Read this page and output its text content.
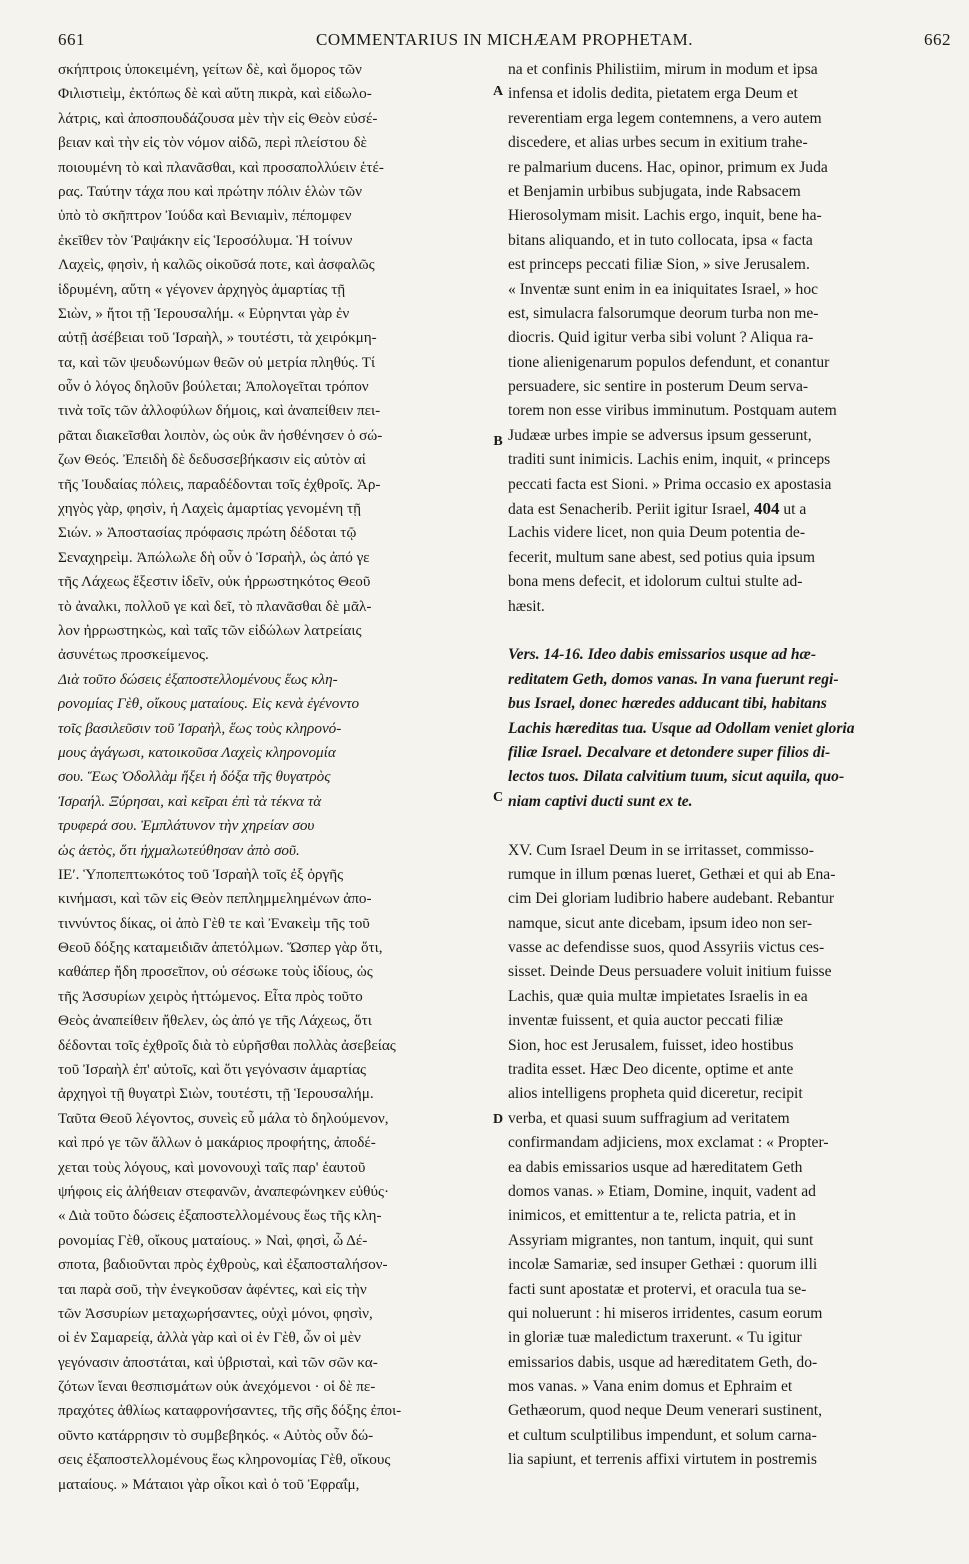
661	COMMENTARIUS IN MICHÆAM PROPHETAM.	662
A
B
C
D
σκήπτροις ὑποκειμένη, γείτων δὲ, καὶ ὅμορος τῶν
Φιλιστιεὶμ, ἐκτόπως δὲ καὶ αὕτη πικρὰ, καὶ εἰδωλο-
λάτρις, καὶ ἀποσπουδάζουσα μὲν τὴν εἰς Θεὸν εὐσέ-
βειαν καὶ τὴν εἰς τὸν νόμον αἰδῶ, περὶ πλείστου δὲ
ποιουμένη τὸ καὶ πλανᾶσθαι, καὶ προσαπολλύειν ἑτέ-
ρας. Ταύτην τάχα που καὶ πρώτην πόλιν ἑλὼν τῶν
ὑπὸ τὸ σκῆπτρον Ἰούδα καὶ Βενιαμὶν, πέπομφεν
ἐκεῖθεν τὸν Ῥαψάκην εἰς Ἱεροσόλυμα. Ἡ τοίνυν
Λαχεὶς, φησὶν, ἡ καλῶς οἰκοῦσά ποτε, καὶ ἀσφαλῶς
ἱδρυμένη, αὕτη « γέγονεν ἀρχηγὸς ἁμαρτίας τῇ
Σιὼν, » ἤτοι τῇ Ἱερουσαλήμ. « Εὑρηνται γὰρ ἐν
αὐτῇ ἀσέβειαι τοῦ Ἰσραὴλ, » τουτέστι, τὰ χειρόκμη-
τα, καὶ τῶν ψευδωνύμων θεῶν οὐ μετρία πληθύς. Τί
οὖν ὁ λόγος δηλοῦν βούλεται; Ἀπολογεῖται τρόπον
τινὰ τοῖς τῶν ἀλλοφύλων δήμοις, καὶ ἀναπείθειν πει-
ρᾶται διακεῖσθαι λοιπὸν, ὡς οὐκ ἂν ἡσθένησεν ὁ σώ-
ζων Θεός. Ἐπειδὴ δὲ δεδυσσεβήκασιν εἰς αὐτὸν αἱ
τῆς Ἰουδαίας πόλεις, παραδέδονται τοῖς ἐχθροῖς. Ἀρ-
χηγὸς γὰρ, φησὶν, ἡ Λαχεὶς ἁμαρτίας γενομένη τῇ
Σιών. » Ἀποστασίας πρόφασις πρώτη δέδοται τῷ
Σεναχηρεὶμ. Ἀπώλωλε δὴ οὖν ὁ Ἰσραὴλ, ὡς ἀπό γε
τῆς Λάχεως ἔξεστιν ἰδεῖν, οὐκ ἠρρωστηκότος Θεοῦ
τὸ ἀναλκι, πολλοῦ γε καὶ δεῖ, τὸ πλανᾶσθαι δὲ μᾶλ-
λον ἠρρωστηκὼς, καὶ ταῖς τῶν εἰδώλων λατρείαις
ἀσυνέτως προσκείμενος.
Διὰ τοῦτο δώσεις ἐξαποστελλομένους ἕως κλη-
ρονομίας Γὲθ, οἴκους ματαίους. Εἰς κενὰ ἐγένοντο
τοῖς βασιλεῦσιν τοῦ Ἰσραὴλ, ἕως τοὺς κληρονό-
μους ἀγάγωσι, κατοικοῦσα Λαχεὶς κληρονομία
σου. Ἕως Ὀδολλὰμ ἥξει ἡ δόξα τῆς θυγατρὸς
Ἰσραήλ. Ξύρησαι, καὶ κεῖραι ἐπὶ τὰ τέκνα τὰ
τρυφερά σου. Ἐμπλάτυνον τὴν χηρείαν σου
ὡς ἀετὸς, ὅτι ἠχμαλωτεύθησαν ἀπὸ σοῦ.
ΙΕʹ. Ὑποπεπτωκότος τοῦ Ἰσραὴλ τοῖς ἐξ ὀργῆς
κινήμασι, καὶ τῶν εἰς Θεὸν πεπλημμελημένων ἀπο-
τιννύντος δίκας, οἱ ἀπὸ Γὲθ τε καὶ Ἐνακεὶμ τῆς τοῦ
Θεοῦ δόξης καταμειδιᾶν ἀπετόλμων. Ὥσπερ γὰρ ὅτι,
καθάπερ ἤδη προσεῖπον, οὐ σέσωκε τοὺς ἰδίους, ὡς
τῆς Ἀσσυρίων χειρὸς ἡττώμενος. Εἶτα πρὸς τοῦτο
Θεὸς ἀναπείθειν ἤθελεν, ὡς ἀπό γε τῆς Λάχεως, ὅτι
δέδονται τοῖς ἐχθροῖς διὰ τὸ εὑρῆσθαι πολλὰς ἀσεβείας
τοῦ Ἰσραὴλ ἐπ' αὐτοῖς, καὶ ὅτι γεγόνασιν ἁμαρτίας
ἀρχηγοὶ τῇ θυγατρὶ Σιὼν, τουτέστι, τῇ Ἱερουσαλήμ.
Ταῦτα Θεοῦ λέγοντος, συνεὶς εὖ μάλα τὸ δηλούμενον,
καὶ πρό γε τῶν ἄλλων ὁ μακάριος προφήτης, ἀποδέ-
χεται τοὺς λόγους, καὶ μονονουχὶ ταῖς παρ' ἑαυτοῦ
ψήφοις εἰς ἀλήθειαν στεφανῶν, ἀναπεφώνηκεν εὐθύς·
« Διὰ τοῦτο δώσεις ἐξαποστελλομένους ἕως τῆς κλη-
ρονομίας Γὲθ, οἴκους ματαίους. » Ναὶ, φησὶ, ὦ Δέ-
σποτα, βαδιοῦνται πρὸς ἐχθροὺς, καὶ ἐξαποσταλήσον-
ται παρὰ σοῦ, τὴν ἐνεγκοῦσαν ἀφέντες, καὶ εἰς τὴν
τῶν Ἀσσυρίων μεταχωρήσαντες, οὐχὶ μόνοι, φησὶν,
οἱ ἐν Σαμαρείᾳ, ἀλλὰ γὰρ καὶ οἱ ἐν Γὲθ, ὧν οἱ μὲν
γεγόνασιν ἀποστάται, καὶ ὑβρισταὶ, καὶ τῶν σῶν κα-
ζότων ἴεναι θεσπισμάτων οὐκ ἀνεχόμενοι · οἱ δὲ πε-
πραχότες ἀθλίως καταφρονήσαντες, τῆς σῆς δόξης ἐποι-
οῦντο κατάρρησιν τὸ συμβεβηκός. « Αὐτὸς οὖν δώ-
σεις ἐξαποστελλομένους ἕως κληρονομίας Γὲθ, οἴκους
ματαίους. » Μάταιοι γὰρ οἶκοι καὶ ὁ τοῦ Ἐφραΐμ,
na et confinis Philistiim, mirum in modum et ipsa
infensa et idolis dedita, pietatem erga Deum et
reverentiam erga legem contemnens, a vero autem
discedere, et alias urbes secum in exitium trahe-
re palmarium ducens. Hac, opinor, primum ex Juda
et Benjamin urbibus subjugata, inde Rabsacem
Hierosolymam misit. Lachis ergo, inquit, bene ha-
bitans aliquando, et in tuto collocata, ipsa « facta
est princeps peccati filiæ Sion, » sive Jerusalem.
« Inventæ sunt enim in ea iniquitates Israel, » hoc
est, simulacra falsorumque deorum turba non me-
diocris. Quid igitur verba sibi volunt ? Aliqua ra-
tione alienigenarum populos defendunt, et conantur
persuadere, sic sentire in posterum Deum serva-
torem non esse viribus imminutum. Postquam autem
Judææ urbes impie se adversus ipsum gesserunt,
traditi sunt inimicis. Lachis enim, inquit, « princeps
peccati facta est Sioni. » Prima occasio ex apostasia
data est Senacherib. Periit igitur Israel, 404 ut a
Lachis videre licet, non quia Deum potentia de-
fecerit, multum sane abest, sed potius quia ipsum
bona mens defecit, et idolorum cultui stulte ad-
hæsit.
Vers. 14-16. Ideo dabis emissarios usque ad hæ-
reditatem Geth, domos vanas. In vana fuerunt regi-
bus Israel, donec hæredes adducant tibi, habitans
Lachis hæreditas tua. Usque ad Odollam veniet gloria
filiæ Israel. Decalvare et detondere super filios di-
lectos tuos. Dilata calvitium tuum, sicut aquila, quo-
niam captivi ducti sunt ex te.
XV. Cum Israel Deum in se irritasset, commisso-
rumque in illum pœnas lueret, Gethæi et qui ab Ena-
cim Dei gloriam ludibrio habere audebant. Rebantur
namque, sicut ante dicebam, ipsum ideo non ser-
vasse ac defendisse suos, quod Assyriis victus ces-
sisset. Deinde Deus persuadere voluit initium fuisse
Lachis, quæ quia multæ impietates Israelis in ea
inventæ fuissent, et quia auctor peccati filiæ
Sion, hoc est Jerusalem, fuisset, ideo hostibus
tradita esset. Hæc Deo dicente, optime et ante
alios intelligens propheta quid diceretur, recipit
verba, et quasi suum suffragium ad veritatem
confirmandam adjiciens, mox exclamat : « Propter-
ea dabis emissarios usque ad hæreditatem Geth
domos vanas. » Etiam, Domine, inquit, vadent ad
inimicos, et emittentur a te, relicta patria, et in
Assyriam migrantes, non tantum, inquit, qui sunt
incolæ Samariæ, sed insuper Gethæi : quorum illi
facti sunt apostatæ et protervi, et oracula tua se-
qui noluerunt : hi miseros irridentes, casum eorum
in gloriæ tuæ maledictum traxerunt. « Tu igitur
emissarios dabis, usque ad hæreditatem Geth, do-
mos vanas. » Vana enim domus et Ephraim et
Gethæorum, quod neque Deum venerari sustinent,
et cultum sculptilibus impendunt, et solum carna-
lia sapiunt, et terrenis affixi virtutem in postremis
